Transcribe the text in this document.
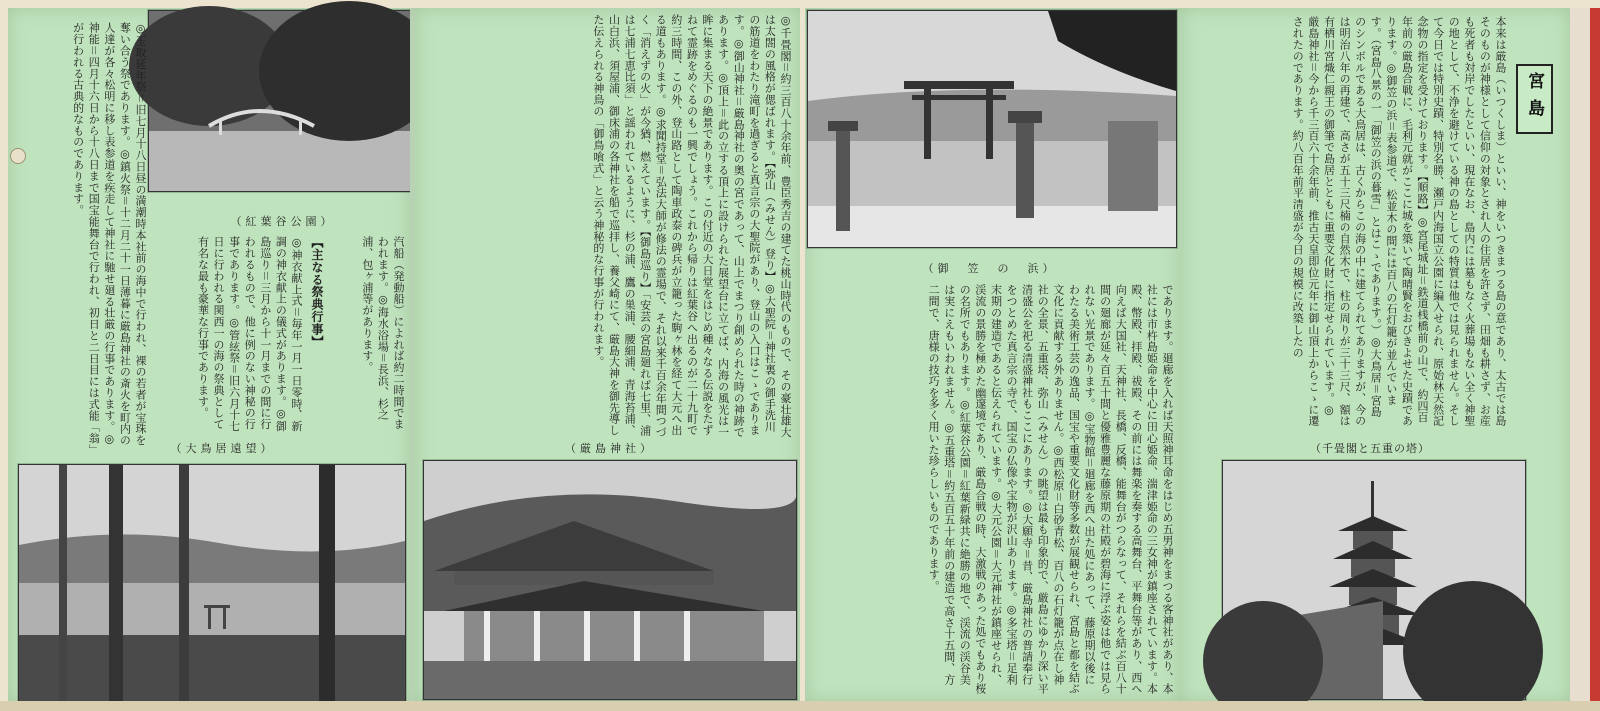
（紅葉谷公園）
◎玉取延年祭＝旧七月十八日昼の満潮時本社前の海中で行われ、裸の若者が宝珠を奪い合う祭であります。◎鎮火祭＝十二月二十一日薄暮に厳島神社の斎火を町内の人達が各々松明に移し表参道を疾走して神社に馳せ廻る壮厳の行事であります。◎神能＝四月十六日から十八日まで国宝能舞台で行われ、初日と二日目には式能「翁」が行われる古典的なものであります。
（大鳥居遠望）
汽船（発動船）によれば約二時間でまわれます。◎海水浴場＝長浜、杉之浦、包ヶ浦等があります。
【主なる祭典行事】
◎神衣献上式＝毎年一月一日零時、新調の神衣献上の儀式があります。◎御島巡り＝三月から十一月までの間に行われるもので、他に例のない神秘の行事であります。◎管絃祭＝旧六月十七日に行われる関西一の海の祭典として有名な最も豪華な行事であります。	◎千畳閣＝約三百八十余年前、豊臣秀吉の建てた桃山時代のもので、その豪壮雄大は太閤の風格が偲ばれます。【弥山（みせん）登り】◎大聖院＝神社裏の御手洗川の筋道をわたり滝町を過ぎると真言宗の大聖院があり、登山の入口はこゝであります。◎御山神社＝厳島神社の奥の宮であって、山上でまつり創められた時の神跡であります。◎頂上＝此の立する頂上に設けられた展望台に立てば、内海の風光は一眸に集まる天下の絶景であります。この付近の大日堂をはじめ種々なる伝説をたずねて霊跡をめぐるのも一興でしょう。これから帰りは紅葉谷へ出るのが二十九町で約三時間、この外、登山路として陶車政泰の碑兵が立籠った駒ヶ林を経て大元へ出る道もあります。◎求聞持堂＝弘法大師が修法の霊場で、それ以来千百余年間つづく「消えずの火」が今猶、燃えています。【御島巡り】「安芸の宮島廻れば七里、浦は七浦七恵比須」と謡われているように、杉の浦、鷹の巣浦、腰細浦、青海苔浦、山白浜、須屋浦、御床浦の各神社を船で巡拝し、養父崎にて、厳島大神を御先導した伝えられる神鳥の「御鳥喰式」と云う神秘的な行事が行われます。
（厳島神社）
（御　笠　の　浜）
であります。廻廊を入れば天照神耳命をはじめ五男神をまつる客神社があり、本社には市杵島姫命を中心に田心姫命、湍津姫命の三女神が鎮座されています。本殿、幣殿、拝殿、祓殿、その前には舞楽を奏する高舞台、平舞台等があり、西へ向えば大国社、天神社、長橋、反橋、能舞台がつらなって、それらを結ぶ百八十間の廻廊が延々百五十間と優雅豊麗な藤原期の社殿が碧海に浮ぶ姿は他では見られない光景であります。◎宝物館＝廻廊を西へ出た処にあって、藤原期以後にわたる美術工芸の逸品、国宝や重要文化財等多数が展観せられ、宮島と都を結ぶ文化に貢献する外ありません。◎西松原＝白砂青松、百八の石灯籠が点在し神社の全景、五重塔、弥山（みせん）の眺望は最も印象的で、厳島にゆかり深い平清盛公を祀る清盛神社もここにあります。◎大願寺＝昔、厳島神社の普請奉行をつとめた真言宗の寺で、国宝の仏像や宝物が沢山あります。◎多宝塔＝足利末期の建造であると伝えられています。◎大元公園＝大元神社が鎮座せられ、渓流の景勝を極めた幽邃境であり、厳島合戦の時、大激戦のあった処でもあり桜の名所でもあります。◎紅葉谷公園＝紅葉新緑共に絶勝の地で、渓流の渓谷美は実にえもいわれません。◎五重塔＝約五百五十年前の建造で高さ十五間、方二間で、唐様の技巧を多く用いた珍らしいものであります。
宮島
本来は厳島（いつくしま）といい、神をいつきまつる島の意であり、太古では島そのものが神様として信仰の対象とされ人の住居を許さず、田畑も耕さず、お産も死者も対岸でしたといい、現在なお、島内には墓もなく火葬場もない全く神聖の地として、不浄を避けている神の島としての特質は他では見られません。そして今日では特別史蹟、特別名勝、瀬戸内海国立公園に編入せられ、原始林天然記念物の指定を受けております。【順路】◎宮尾城址＝鉄道桟橋前の山で、約四百年前の厳島合戦に、毛利元就がここに城を築いて陶晴賢をおびきよせた史蹟であります。◎御笠の浜＝表参道で、松並木の間には百八の石灯籠が並んでいます。（宮島八景の一「御笠の浜の暮雪」とはこゝであります。）◎大鳥居＝宮島のシンボルである大鳥居は、古くからこの海の中に建てられてありますが、今のは明治八年の再建で、高さが五十三尺楠の自然木で、柱の周りが三十三尺、額は有栖川宮熾仁親王の御筆で島居とともに重要文化財に指定せられています。◎厳島神社＝今から千三百六十余年前、推古天皇即位元年に御山頂上からこゝに遷されたのであります。約八百年前平清盛が今日の規模に改築したの
（千畳閣と五重の塔）
